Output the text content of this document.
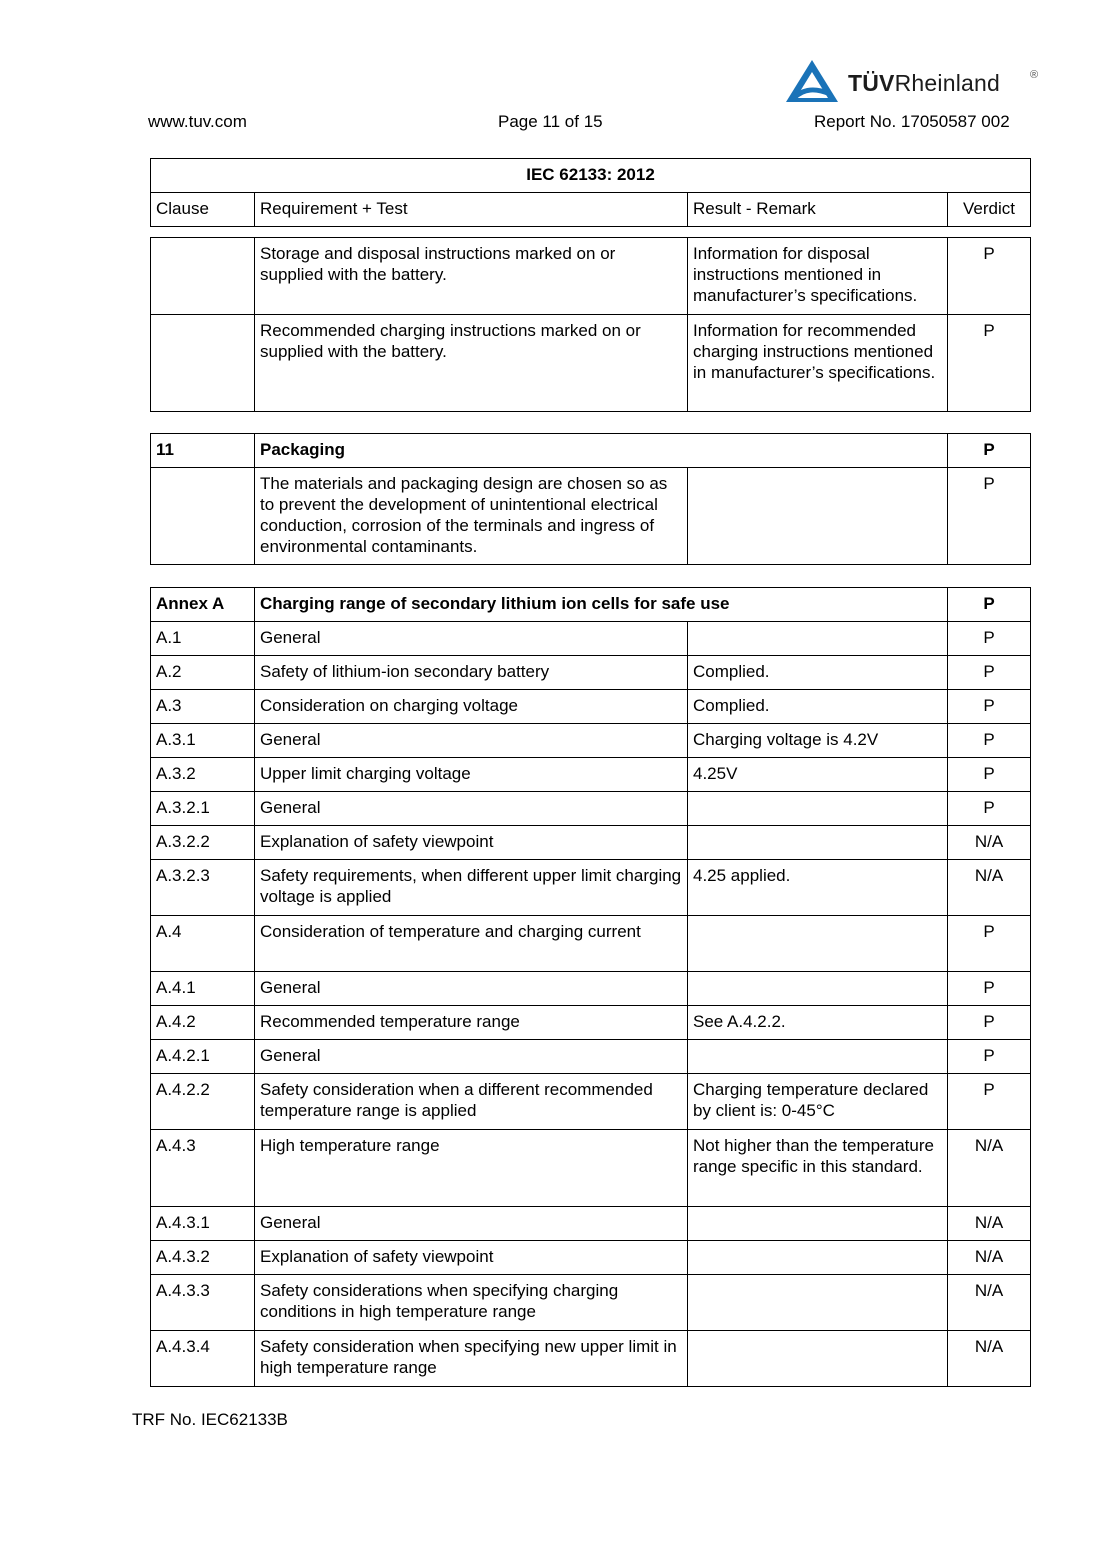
TÜVRheinland	®
www.tuv.com	Page 11 of 15	Report No. 17050587 002
IEC 62133: 2012
Clause	Requirement + Test	Result - Remark	Verdict
	Storage and disposal instructions marked on or supplied with the battery.	Information for disposal instructions mentioned in manufacturer’s specifications.	P
	Recommended charging instructions marked on or supplied with the battery.	Information for recommended charging instructions mentioned in manufacturer’s specifications.	P
11	Packaging		P
	The materials and packaging design are chosen so as to prevent the development of unintentional electrical conduction, corrosion of the terminals and ingress of environmental contaminants.		P
Annex A	Charging range of secondary lithium ion cells for safe use		P
A.1	General		P
A.2	Safety of lithium-ion secondary battery	Complied.	P
A.3	Consideration on charging voltage	Complied.	P
A.3.1	General	Charging voltage is 4.2V	P
A.3.2	Upper limit charging voltage	4.25V	P
A.3.2.1	General		P
A.3.2.2	Explanation of safety viewpoint		N/A
A.3.2.3	Safety requirements, when different upper limit charging voltage is applied	4.25 applied.	N/A
A.4	Consideration of temperature and charging current		P
A.4.1	General		P
A.4.2	Recommended temperature range	See A.4.2.2.	P
A.4.2.1	General		P
A.4.2.2	Safety consideration when a different recommended temperature range is applied	Charging temperature declared by client is: 0-45°C	P
A.4.3	High temperature range	Not higher than the temperature range specific in this standard.	N/A
A.4.3.1	General		N/A
A.4.3.2	Explanation of safety viewpoint		N/A
A.4.3.3	Safety considerations when specifying charging conditions in high temperature range		N/A
A.4.3.4	Safety consideration when specifying new upper limit in high temperature range		N/A
TRF No. IEC62133B
